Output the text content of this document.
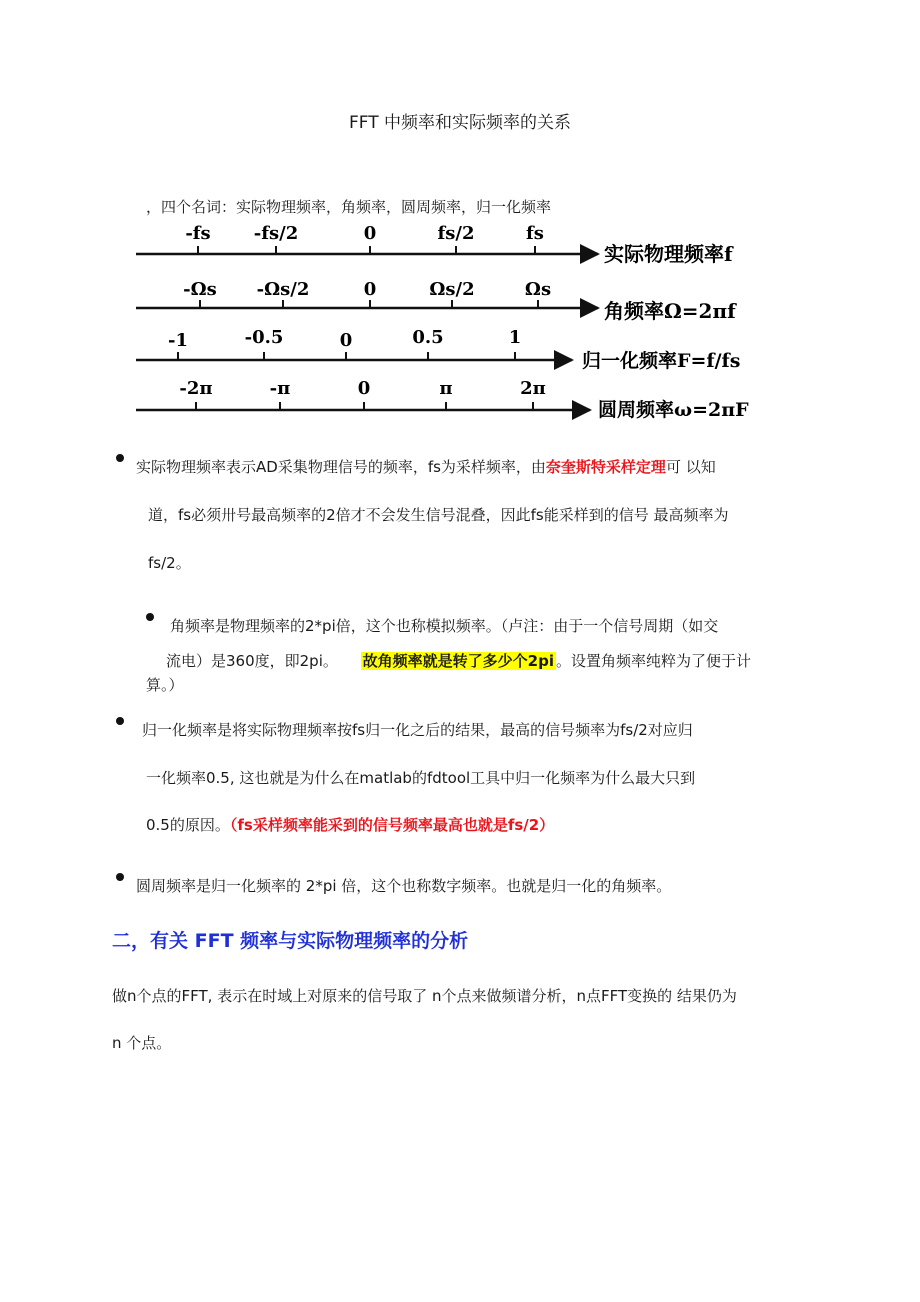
FFT 中频率和实际频率的关系
，四个名词：实际物理频率，角频率，圆周频率，归一化频率
-fs -fs/2	0	fs/2	fs
实际物理频率f
-Ωs -Ωs/2	0	Ωs/2	Ωs
角频率Ω=2πf
-1	-0.5	0	0.5	1
归一化频率F=f/fs
-2π	-π	0	π	2π
圆周频率ω=2πF
实际物理频率表示AD采集物理信号的频率，fs为采样频率，由奈奎斯特采样定理可 以知
道，fs必须卅号最高频率的2倍才不会发生信号混叠，因此fs能采样到的信号 最高频率为
fs/2。
角频率是物理频率的2*pi倍，这个也称模拟频率。（卢注：由于一个信号周期（如交
流电）是360度，即2pi。 故角频率就是转了多少个2pi 。设置角频率纯粹为了便于计
算。）
归一化频率是将实际物理频率按fs归一化之后的结果，最高的信号频率为fs/2对应归
一化频率0.5, 这也就是为什么在matlab的fdtool工具中归一化频率为什么最大只到
0.5的原因。（fs采样频率能采到的信号频率最高也就是fs/2）
圆周频率是归一化频率的 2*pi 倍，这个也称数字频率。也就是归一化的角频率。
二，有关 FFT 频率与实际物理频率的分析
做n个点的FFT, 表示在时域上对原来的信号取了 n个点来做频谱分析，n点FFT变换的 结果仍为
n 个点。
